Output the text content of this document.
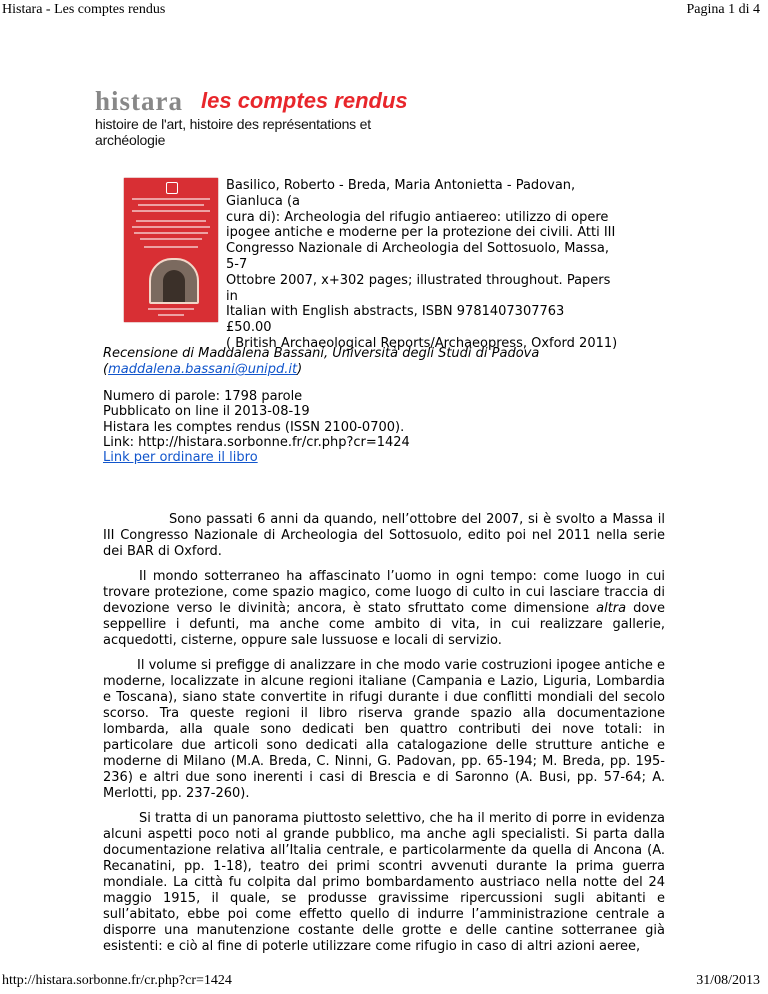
Histara - Les comptes rendus	Pagina 1 di 4
histara les comptes rendus
histoire de l'art, histoire des représentations et archéologie
Basilico, Roberto - Breda, Maria Antonietta - Padovan, Gianluca (a
cura di): Archeologia del rifugio antiaereo: utilizzo di opere
ipogee antiche e moderne per la protezione dei civili. Atti III
Congresso Nazionale di Archeologia del Sottosuolo, Massa, 5-7
Ottobre 2007, x+302 pages; illustrated throughout. Papers in
Italian with English abstracts, ISBN 9781407307763
£50.00
( British Archaeological Reports/Archaeopress, Oxford 2011)
Recensione di Maddalena Bassani, Università degli Studi di Padova
(maddalena.bassani@unipd.it)
Numero di parole: 1798 parole
Pubblicato on line il 2013-08-19
Histara les comptes rendus (ISSN 2100-0700).
Link: http://histara.sorbonne.fr/cr.php?cr=1424
Link per ordinare il libro

Sono passati 6 anni da quando, nell’ottobre del 2007, si è svolto a Massa il III Congresso Nazionale di Archeologia del Sottosuolo, edito poi nel 2011 nella serie dei BAR di Oxford.

Il mondo sotterraneo ha affascinato l’uomo in ogni tempo: come luogo in cui trovare protezione, come spazio magico, come luogo di culto in cui lasciare traccia di devozione verso le divinità; ancora, è stato sfruttato come dimensione altra dove seppellire i defunti, ma anche come ambito di vita, in cui realizzare gallerie, acquedotti, cisterne, oppure sale lussuose e locali di servizio.

Il volume si prefigge di analizzare in che modo varie costruzioni ipogee antiche e moderne, localizzate in alcune regioni italiane (Campania e Lazio, Liguria, Lombardia e Toscana), siano state convertite in rifugi durante i due conflitti mondiali del secolo scorso. Tra queste regioni il libro riserva grande spazio alla documentazione lombarda, alla quale sono dedicati ben quattro contributi dei nove totali: in particolare due articoli sono dedicati alla catalogazione delle strutture antiche e moderne di Milano (M.A. Breda, C. Ninni, G. Padovan, pp. 65-194; M. Breda, pp. 195-236) e altri due sono inerenti i casi di Brescia e di Saronno (A. Busi, pp. 57-64; A. Merlotti, pp. 237-260).

Si tratta di un panorama piuttosto selettivo, che ha il merito di porre in evidenza alcuni aspetti poco noti al grande pubblico, ma anche agli specialisti. Si parta dalla documentazione relativa all’Italia centrale, e particolarmente da quella di Ancona (A. Recanatini, pp. 1-18), teatro dei primi scontri avvenuti durante la prima guerra mondiale. La città fu colpita dal primo bombardamento austriaco nella notte del 24 maggio 1915, il quale, se produsse gravissime ripercussioni sugli abitanti e sull’abitato, ebbe poi come effetto quello di indurre l’amministrazione centrale a disporre una manutenzione costante delle grotte e delle cantine sotterranee già esistenti: e ciò al fine di poterle utilizzare come rifugio in caso di altri azioni aeree,

http://histara.sorbonne.fr/cr.php?cr=1424	31/08/2013
